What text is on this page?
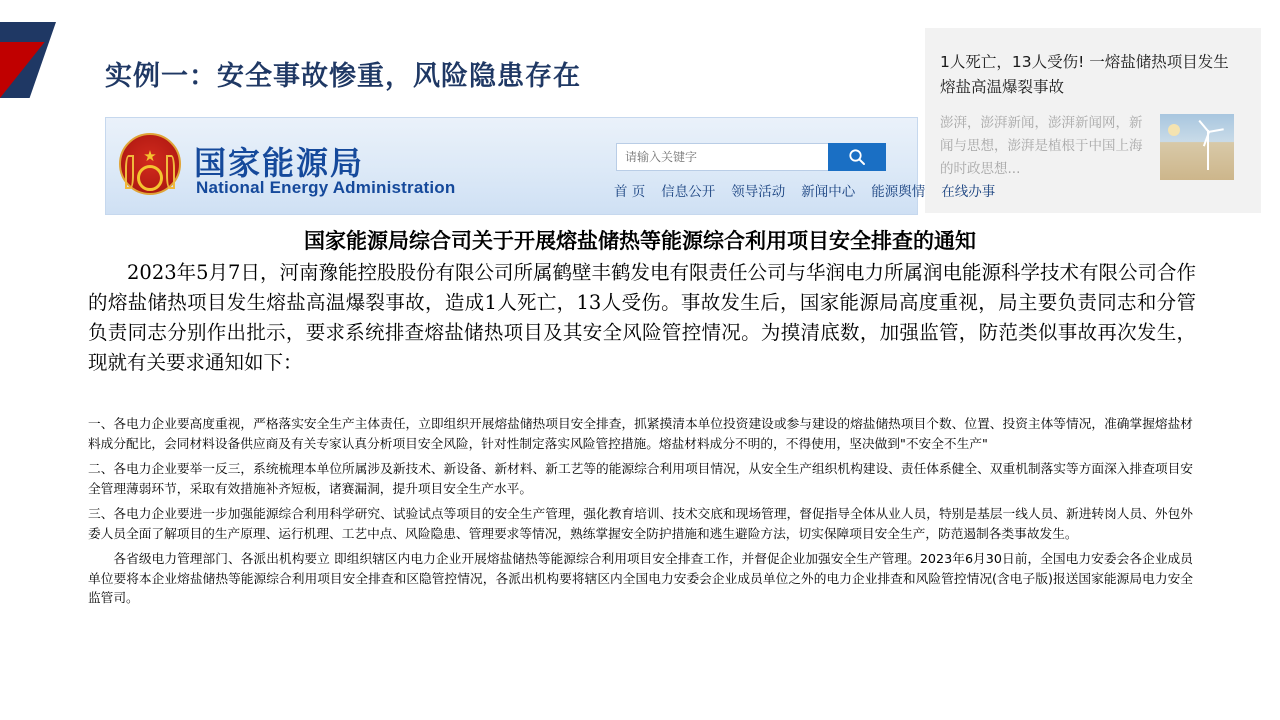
实例一：安全事故惨重，风险隐患存在	1人死亡，13人受伤! 一熔盐储热项目发生熔盐高温爆裂事故
澎湃，澎湃新闻，澎湃新闻网，新闻与思想，澎湃是植根于中国上海的时政思想...
★ 国家能源局
National Energy Administration
请输入关键字	首 页 信息公开 领导活动 新闻中心 能源舆情 在线办事
国家能源局综合司关于开展熔盐储热等能源综合利用项目安全排查的通知
2023年5月7日，河南豫能控股股份有限公司所属鹤壁丰鹤发电有限责任公司与华润电力所属润电能源科学技术有限公司合作的熔盐储热项目发生熔盐高温爆裂事故，造成1人死亡，13人受伤。事故发生后，国家能源局高度重视，局主要负责同志和分管负责同志分别作出批示，要求系统排查熔盐储热项目及其安全风险管控情况。为摸清底数，加强监管，防范类似事故再次发生，现就有关要求通知如下：

一、各电力企业要高度重视，严格落实安全生产主体责任，立即组织开展熔盐储热项目安全排查，抓紧摸清本单位投资建设或参与建设的熔盐储热项目个数、位置、投资主体等情况，准确掌握熔盐材料成分配比，会同材料设备供应商及有关专家认真分析项目安全风险，针对性制定落实风险管控措施。熔盐材料成分不明的，不得使用，坚决做到"不安全不生产"

二、各电力企业要举一反三，系统梳理本单位所属涉及新技术、新设备、新材料、新工艺等的能源综合利用项目情况，从安全生产组织机构建设、责任体系健全、双重机制落实等方面深入排查项目安全管理薄弱环节，采取有效措施补齐短板，诸赛漏洞，提升项目安全生产水平。

三、各电力企业要进一步加强能源综合利用科学研究、试验试点等项目的安全生产管理，强化教育培训、技术交底和现场管理，督促指导全体从业人员，特别是基层一线人员、新进转岗人员、外包外委人员全面了解项目的生产原理、运行机理、工艺中点、风险隐患、管理要求等情况，熟练掌握安全防护措施和逃生避险方法，切实保障项目安全生产，防范遏制各类事故发生。

各省级电力管理部门、各派出机构要立 即组织辖区内电力企业开展熔盐储热等能源综合利用项目安全排查工作，并督促企业加强安全生产管理。2023年6月30日前，全国电力安委会各企业成员单位要将本企业熔盐储热等能源综合利用项目安全排查和区隐管控情况，各派出机构要将辖区内全国电力安委会企业成员单位之外的电力企业排查和风险管控情况(含电子版)报送国家能源局电力安全监管司。
